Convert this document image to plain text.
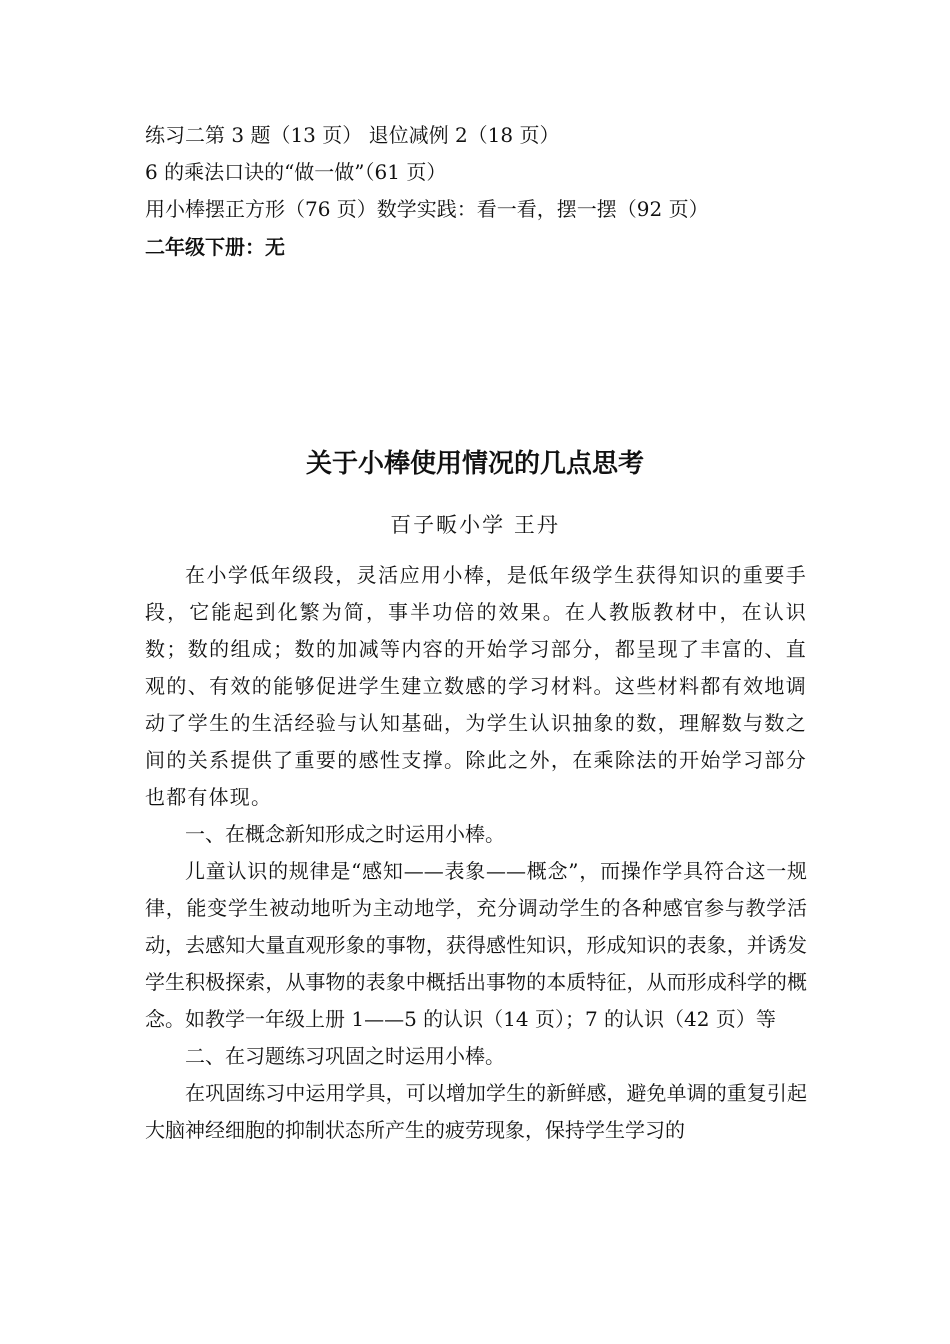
练习二第 3 题（13 页） 退位减例 2（18 页）
6 的乘法口诀的“做一做”（61 页）
用小棒摆正方形（76 页）数学实践：看一看，摆一摆（92 页）
二年级下册：无
关于小棒使用情况的几点思考
百子畈小学 王丹

在小学低年级段，灵活应用小棒，是低年级学生获得知识的重要手段，它能起到化繁为简，事半功倍的效果。在人教版教材中，在认识数；数的组成；数的加减等内容的开始学习部分，都呈现了丰富的、直观的、有效的能够促进学生建立数感的学习材料。这些材料都有效地调动了学生的生活经验与认知基础，为学生认识抽象的数，理解数与数之间的关系提供了重要的感性支撑。除此之外，在乘除法的开始学习部分也都有体现。

一、在概念新知形成之时运用小棒。

儿童认识的规律是“感知——表象——概念”，而操作学具符合这一规律，能变学生被动地听为主动地学，充分调动学生的各种感官参与教学活动，去感知大量直观形象的事物，获得感性知识，形成知识的表象，并诱发学生积极探索，从事物的表象中概括出事物的本质特征，从而形成科学的概念。如教学一年级上册 1——5 的认识（14 页）；7 的认识（42 页）等

二、在习题练习巩固之时运用小棒。

在巩固练习中运用学具，可以增加学生的新鲜感，避免单调的重复引起大脑神经细胞的抑制状态所产生的疲劳现象，保持学生学习的
